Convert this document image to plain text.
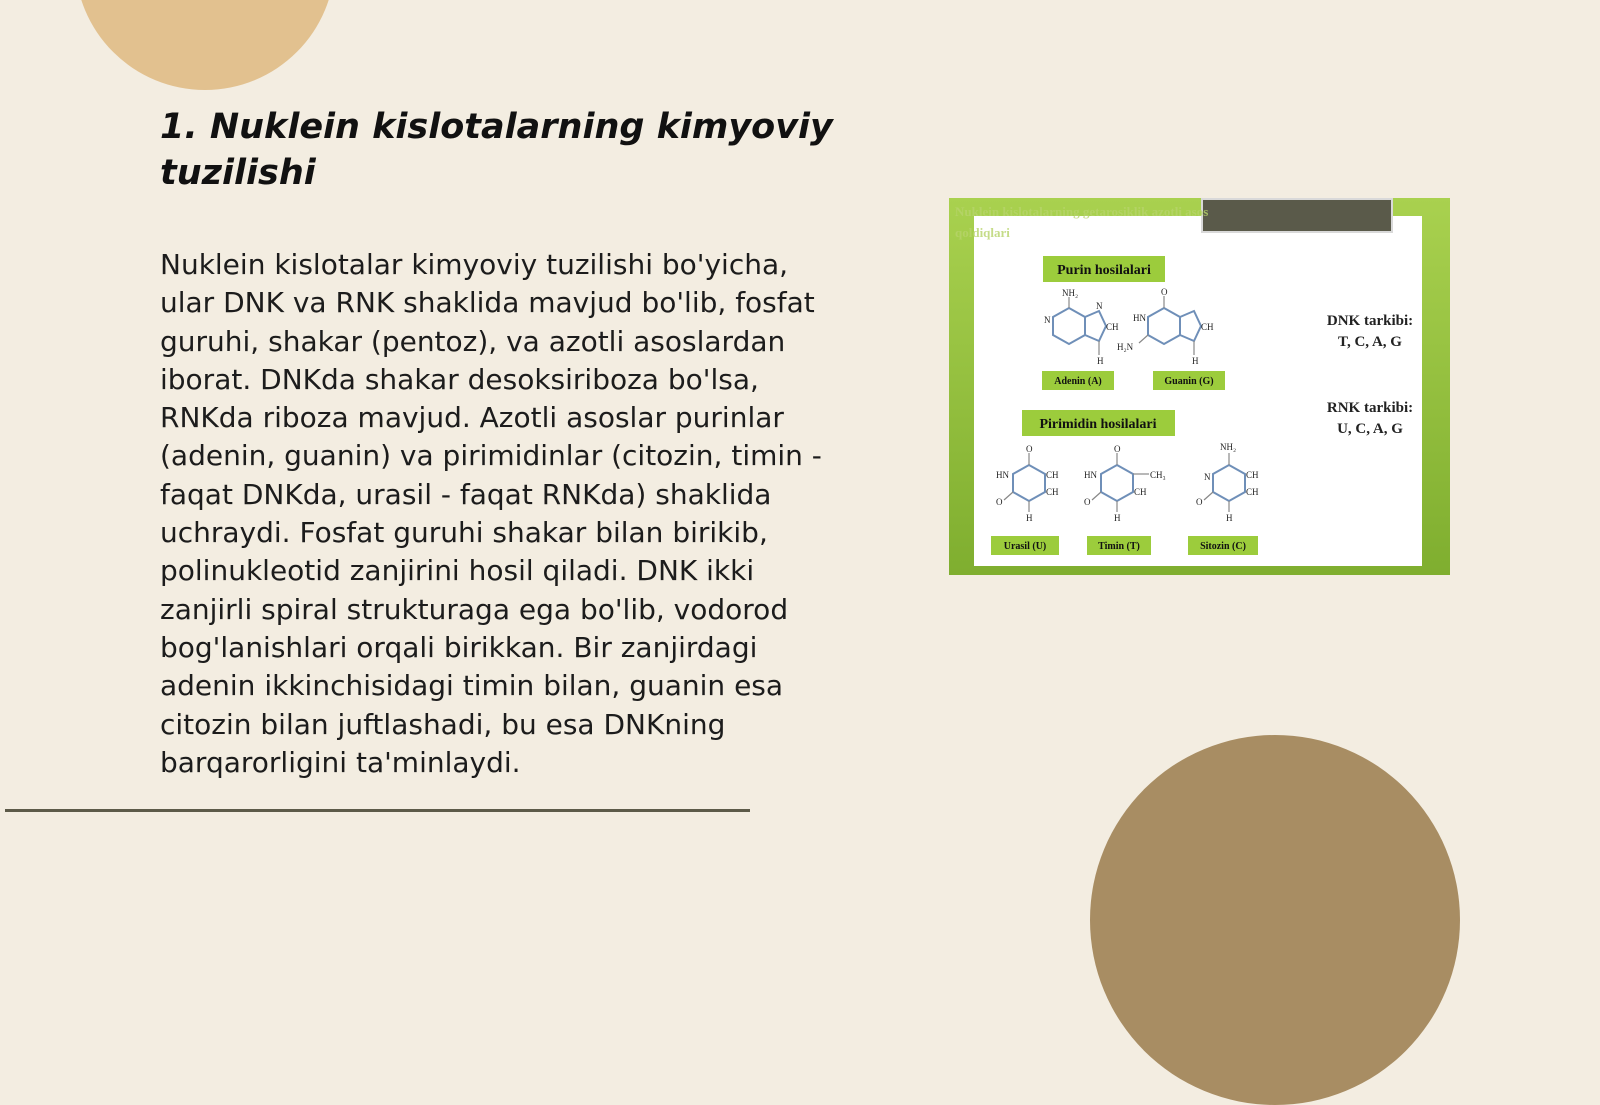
1. Nuklein kislotalarning kimyoviy tuzilishi
Nuklein kislotalar kimyoviy tuzilishi bo'yicha, ular DNK va RNK shaklida mavjud bo'lib, fosfat guruhi, shakar (pentoz), va azotli asoslardan iborat. DNKda shakar desoksiriboza bo'lsa, RNKda riboza mavjud. Azotli asoslar purinlar (adenin, guanin) va pirimidinlar (citozin, timin - faqat DNKda, urasil - faqat RNKda) shaklida uchraydi. Fosfat guruhi shakar bilan birikib, polinukleotid zanjirini hosil qiladi. DNK ikki zanjirli spiral strukturaga ega bo'lib, vodorod bog'lanishlari orqali birikkan. Bir zanjirdagi adenin ikkinchisidagi timin bilan, guanin esa citozin bilan juftlashadi, bu esa DNKning barqarorligini ta'minlaydi.
Nuklein kislotalarning getarosiklik azotli asos qoldiqlari
Purin hosilalari
NH₂
N
N
CH
H
O
HN
H₂N
CH
H
Adenin (A)	Guanin (G)
Pirimidin hosilalari
O
HN	CH
CH
O
H
O
HN	CH₃
CH
O
H
NH₂
N	CH
CH
O
H
Urasil (U)	Timin (T)	Sitozin (C)
DNK tarkibi:
T, C, A, G
RNK tarkibi:
U, C, A, G
